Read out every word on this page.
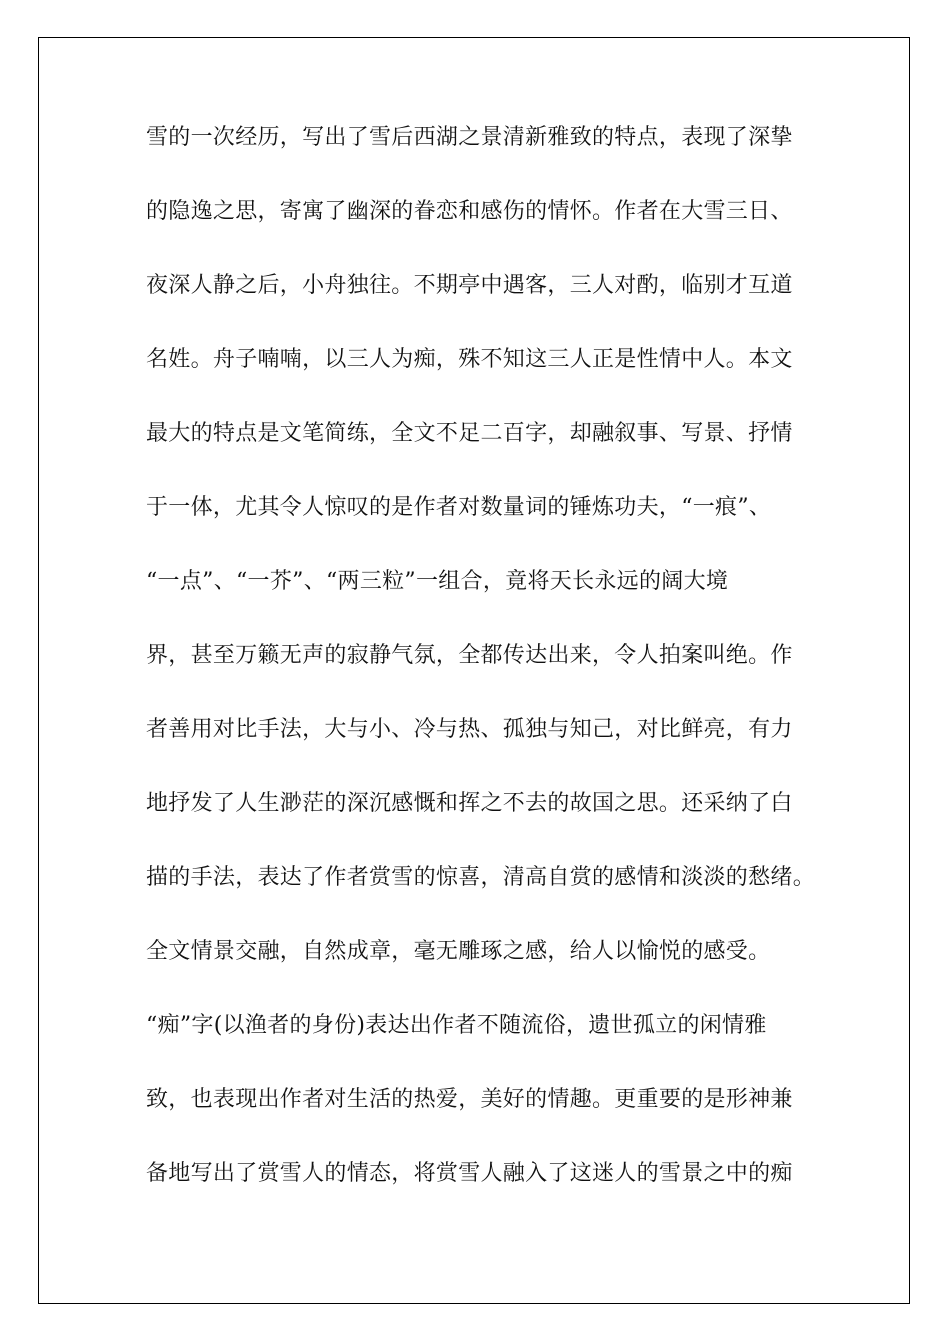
雪的一次经历，写出了雪后西湖之景清新雅致的特点，表现了深挚
的隐逸之思，寄寓了幽深的眷恋和感伤的情怀。作者在大雪三日、
夜深人静之后，小舟独往。不期亭中遇客，三人对酌，临别才互道
名姓。舟子喃喃，以三人为痴，殊不知这三人正是性情中人。本文
最大的特点是文笔简练，全文不足二百字，却融叙事、写景、抒情
于一体，尤其令人惊叹的是作者对数量词的锤炼功夫，“一痕”、
“一点”、“一芥”、“两三粒”一组合，竟将天长永远的阔大境
界，甚至万籁无声的寂静气氛，全都传达出来，令人拍案叫绝。作
者善用对比手法，大与小、冷与热、孤独与知己，对比鲜亮，有力
地抒发了人生渺茫的深沉感慨和挥之不去的故国之思。还采纳了白
描的手法，表达了作者赏雪的惊喜，清高自赏的感情和淡淡的愁绪。
全文情景交融，自然成章，毫无雕琢之感，给人以愉悦的感受。
“痴”字(以渔者的身份)表达出作者不随流俗，遗世孤立的闲情雅
致，也表现出作者对生活的热爱，美好的情趣。更重要的是形神兼
备地写出了赏雪人的情态，将赏雪人融入了这迷人的雪景之中的痴
